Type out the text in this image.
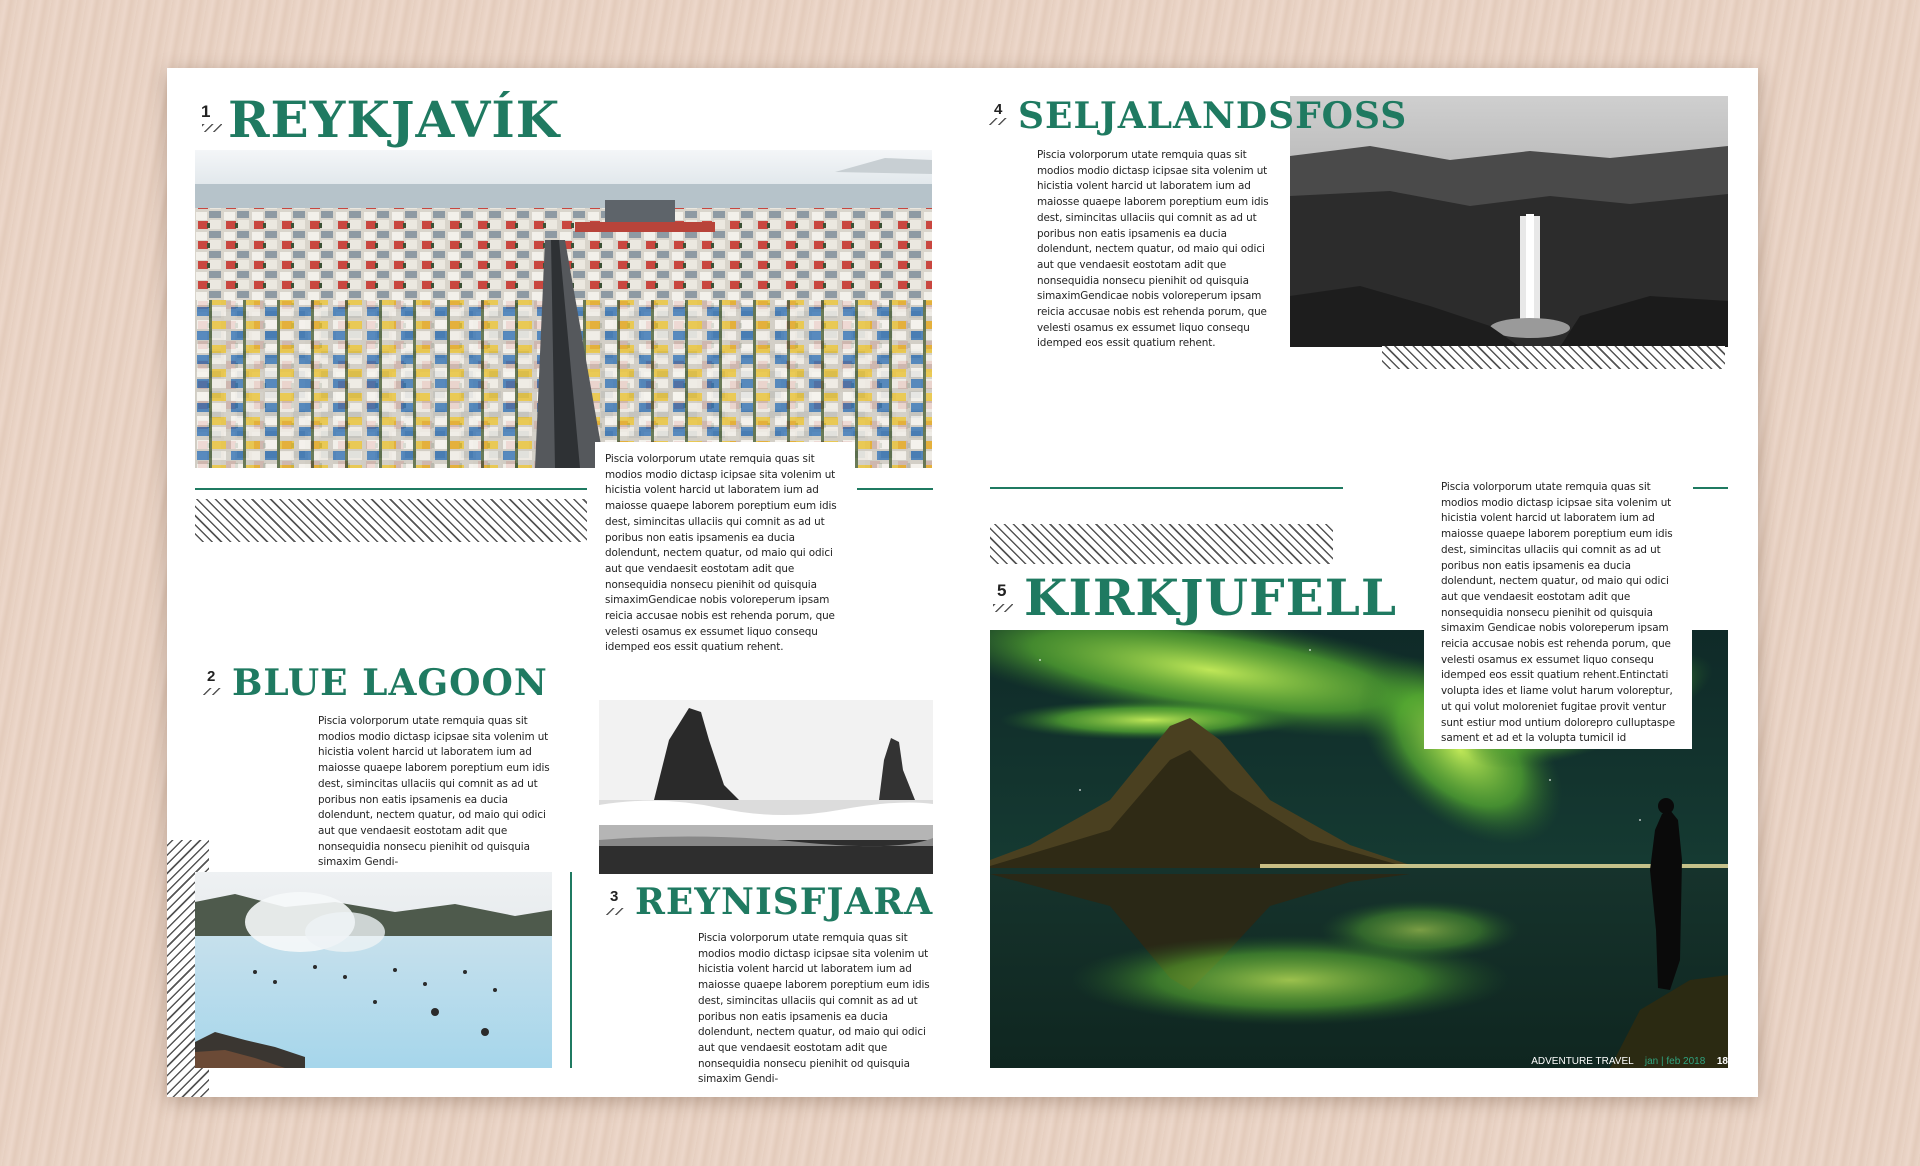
1 REYKJAVÍK
Piscia volorporum utate remquia quas sit modios modio dictasp icipsae sita volenim ut hicistia volent harcid ut laboratem ium ad maiosse quaepe laborem poreptium eum idis dest, simincitas ullaciis qui comnit as ad ut poribus non eatis ipsamenis ea ducia dolendunt, nectem quatur, od maio qui odici aut que vendaesit eostotam adit que nonsequidia nonsecu pienihit od quisquia simaximGendicae nobis voloreperum ipsam reicia accusae nobis est rehenda porum, que velesti osamus ex essumet liquo consequ idemped eos essit quatium rehent.
2 BLUE LAGOON
Piscia volorporum utate remquia quas sit modios modio dictasp icipsae sita volenim ut hicistia volent harcid ut laboratem ium ad maiosse quaepe laborem poreptium eum idis dest, simincitas ullaciis qui comnit as ad ut poribus non eatis ipsamenis ea ducia dolendunt, nectem quatur, od maio qui odici aut que vendaesit eostotam adit que nonsequidia nonsecu pienihit od quisquia simaxim Gendi-
3 REYNISFJARA
Piscia volorporum utate remquia quas sit modios modio dictasp icipsae sita volenim ut hicistia volent harcid ut laboratem ium ad maiosse quaepe laborem poreptium eum idis dest, simincitas ullaciis qui comnit as ad ut poribus non eatis ipsamenis ea ducia dolendunt, nectem quatur, od maio qui odici aut que vendaesit eostotam adit que nonsequidia nonsecu pienihit od quisquia simaxim Gendi-
4 SELJALANDSFOSS
Piscia volorporum utate remquia quas sit modios modio dictasp icipsae sita volenim ut hicistia volent harcid ut laboratem ium ad maiosse quaepe laborem poreptium eum idis dest, simincitas ullaciis qui comnit as ad ut poribus non eatis ipsamenis ea ducia dolendunt, nectem quatur, od maio qui odici aut que vendaesit eostotam adit que nonsequidia nonsecu pienihit od quisquia simaximGendicae nobis voloreperum ipsam reicia accusae nobis est rehenda porum, que velesti osamus ex essumet liquo consequ idemped eos essit quatium rehent.
5 KIRKJUFELL
Piscia volorporum utate remquia quas sit modios modio dictasp icipsae sita volenim ut hicistia volent harcid ut laboratem ium ad maiosse quaepe laborem poreptium eum idis dest, simincitas ullaciis qui comnit as ad ut poribus non eatis ipsamenis ea ducia dolendunt, nectem quatur, od maio qui odici aut que vendaesit eostotam adit que nonsequidia nonsecu pienihit od quisquia simaxim Gendicae nobis voloreperum ipsam reicia accusae nobis est rehenda porum, que velesti osamus ex essumet liquo consequ idemped eos essit quatium rehent.Entinctati voluptа ides et liame volut harum voloreptur, ut qui volut moloreniet fugitae provit ventur sunt estiur mod untium dolorepro culluptaspe sament et ad et la volupta tumicil id
ADVENTURE TRAVEL jan | feb 2018 18
